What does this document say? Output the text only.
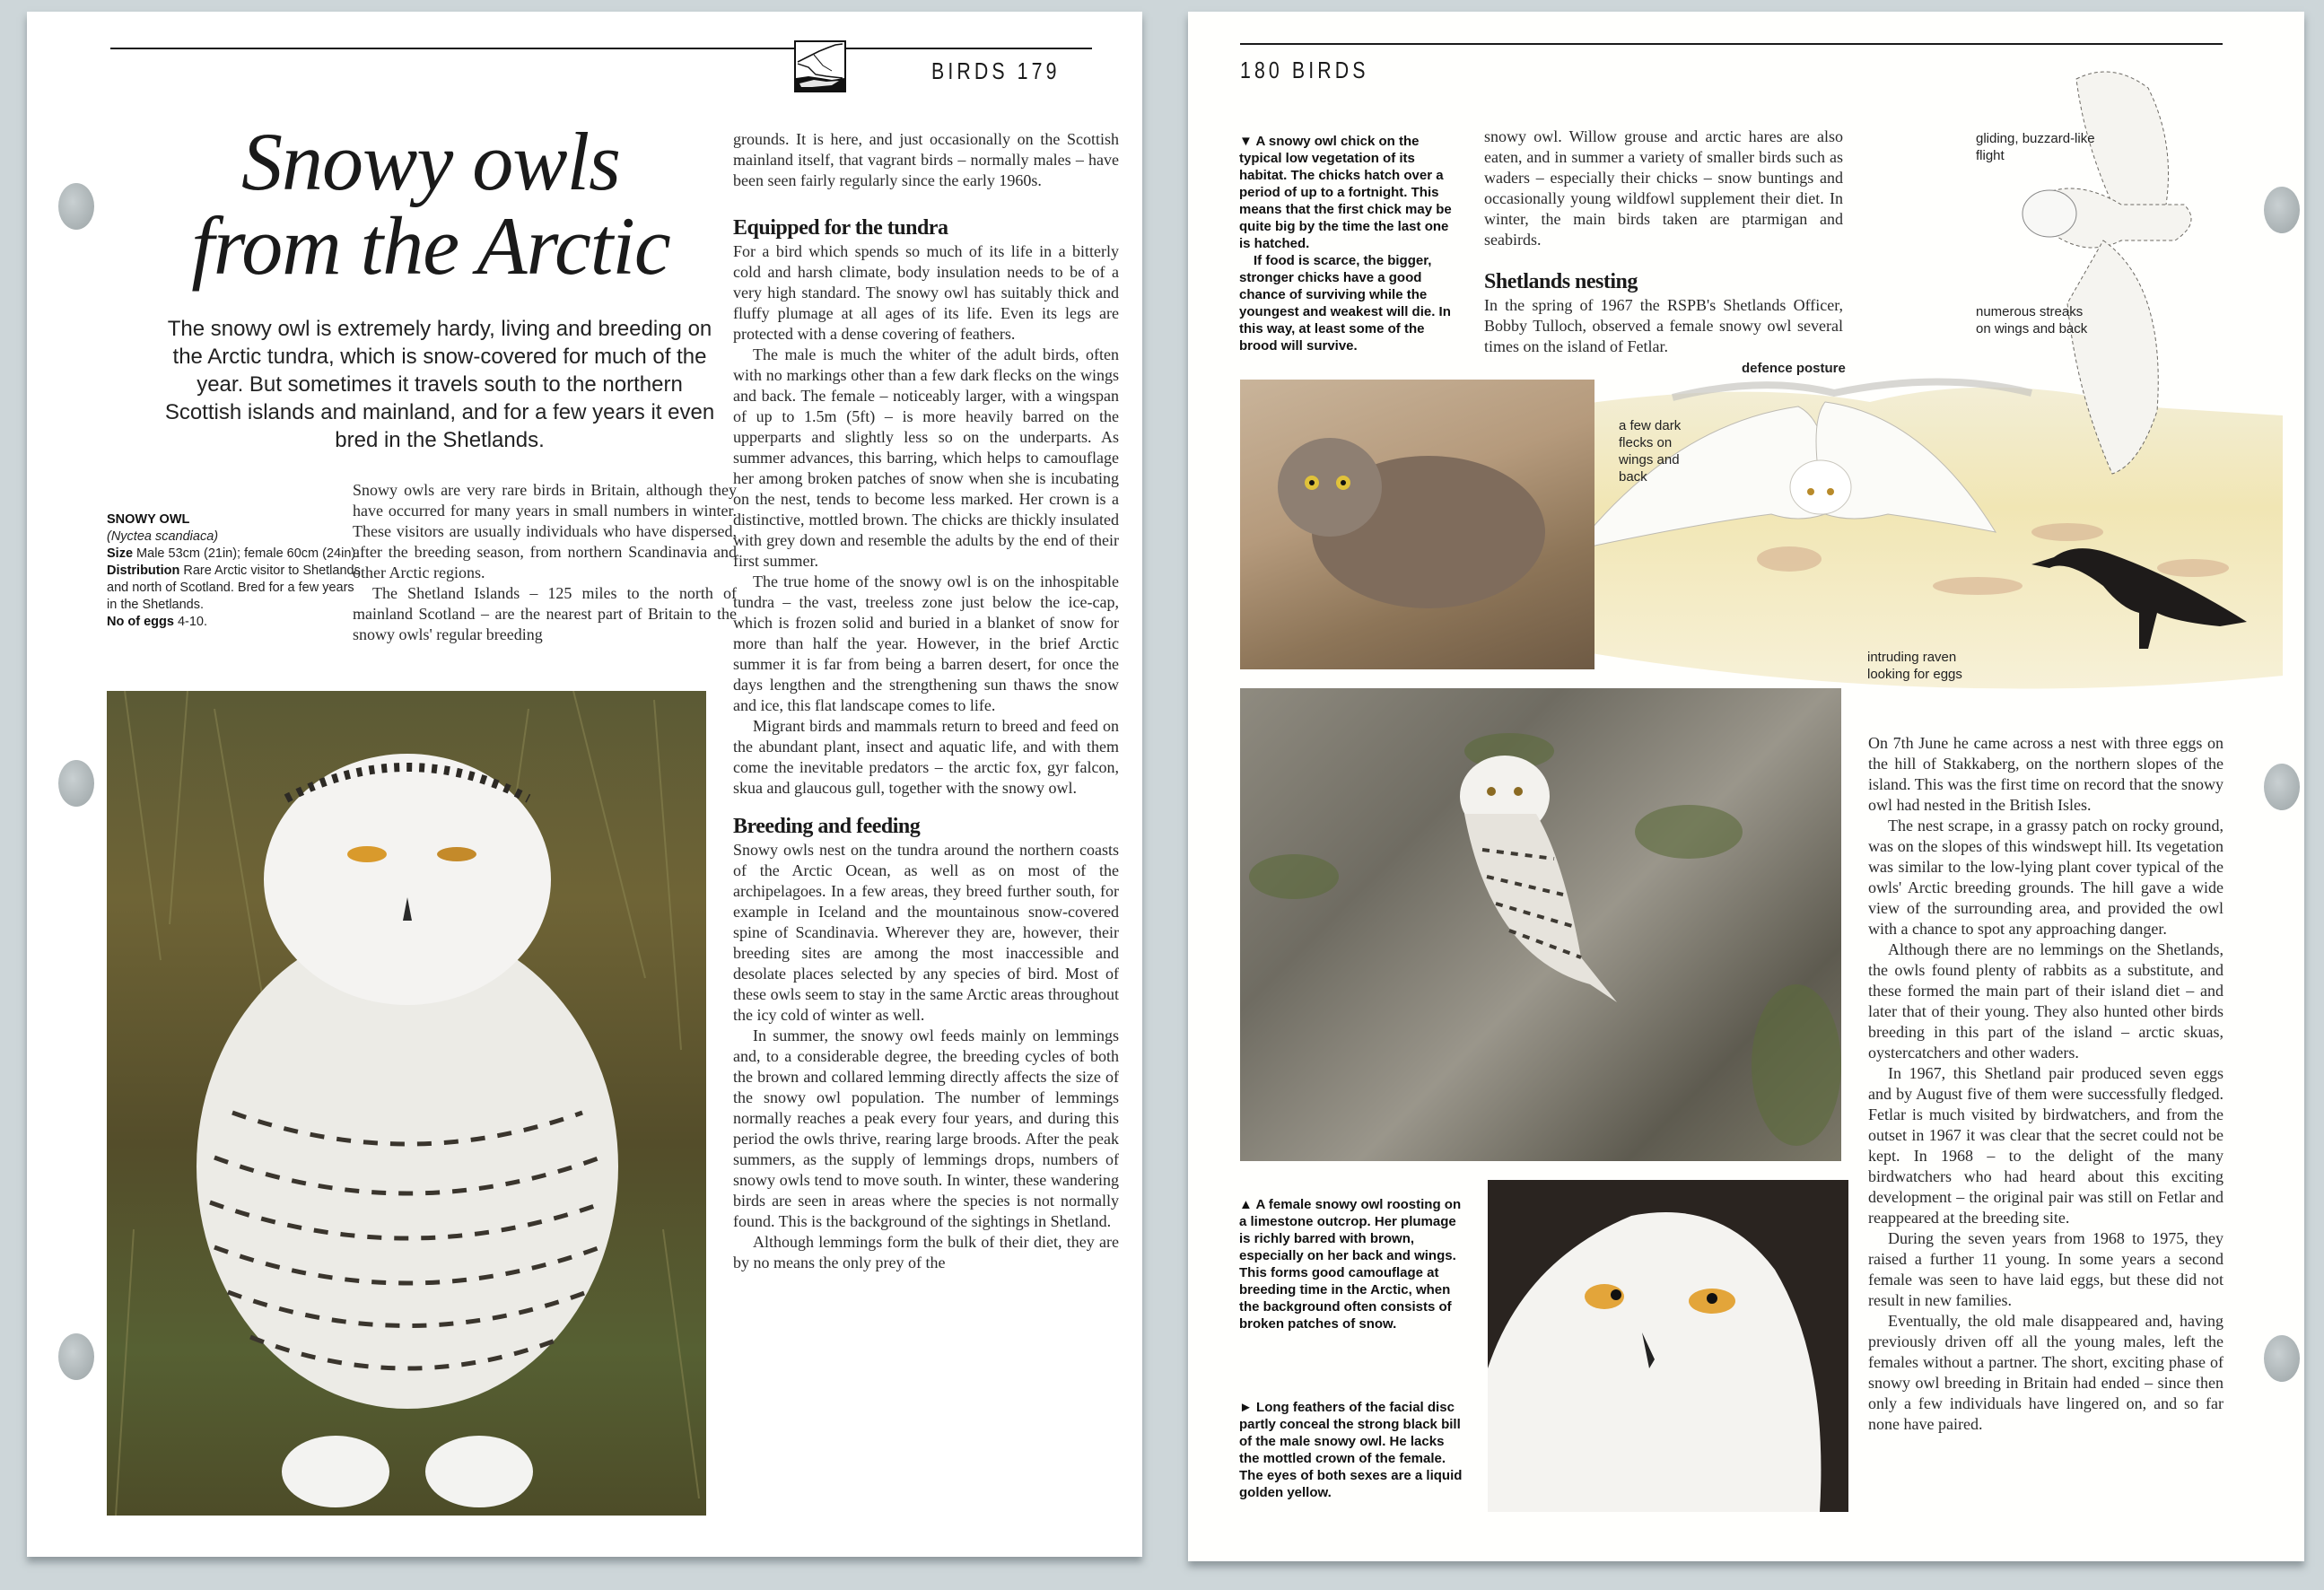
BIRDS 179
Snowy owls
from the Arctic
The snowy owl is extremely hardy, living and breeding on the Arctic tundra, which is snow-covered for much of the year. But sometimes it travels south to the northern Scottish islands and mainland, and for a few years it even bred in the Shetlands.
SNOWY OWL
(Nyctea scandiaca)
Size Male 53cm (21in); female 60cm (24in).
Distribution Rare Arctic visitor to Shetlands and north of Scotland. Bred for a few years in the Shetlands.
No of eggs 4-10.

Snowy owls are very rare birds in Britain, although they have occurred for many years in small numbers in winter. These visitors are usually individuals who have dispersed, after the breeding season, from northern Scandinavia and other Arctic regions.

The Shetland Islands – 125 miles to the north of mainland Scotland – are the nearest part of Britain to the snowy owls' regular breeding

grounds. It is here, and just occasionally on the Scottish mainland itself, that vagrant birds – normally males – have been seen fairly regularly since the early 1960s.

Equipped for the tundra

For a bird which spends so much of its life in a bitterly cold and harsh climate, body insulation needs to be of a very high standard. The snowy owl has suitably thick and fluffy plumage at all ages of its life. Even its legs are protected with a dense covering of feathers.

The male is much the whiter of the adult birds, often with no markings other than a few dark flecks on the wings and back. The female – noticeably larger, with a wingspan of up to 1.5m (5ft) – is more heavily barred on the upperparts and slightly less so on the underparts. As summer advances, this barring, which helps to camouflage her among broken patches of snow when she is incubating on the nest, tends to become less marked. Her crown is a distinctive, mottled brown. The chicks are thickly insulated with grey down and resemble the adults by the end of their first summer.

The true home of the snowy owl is on the inhospitable tundra – the vast, treeless zone just below the ice-cap, which is frozen solid and buried in a blanket of snow for more than half the year. However, in the brief Arctic summer it is far from being a barren desert, for once the days lengthen and the strengthening sun thaws the snow and ice, this flat landscape comes to life.

Migrant birds and mammals return to breed and feed on the abundant plant, insect and aquatic life, and with them come the inevitable predators – the arctic fox, gyr falcon, skua and glaucous gull, together with the snowy owl.

Breeding and feeding

Snowy owls nest on the tundra around the northern coasts of the Arctic Ocean, as well as on most of the archipelagoes. In a few areas, they breed further south, for example in Iceland and the mountainous snow-covered spine of Scandinavia. Wherever they are, however, their breeding sites are among the most inaccessible and desolate places selected by any species of bird. Most of these owls seem to stay in the same Arctic areas throughout the icy cold of winter as well.

In summer, the snowy owl feeds mainly on lemmings and, to a considerable degree, the breeding cycles of both the brown and collared lemming directly affects the size of the snowy owl population. The number of lemmings normally reaches a peak every four years, and during this period the owls thrive, rearing large broods. After the peak summers, as the supply of lemmings drops, numbers of snowy owls tend to move south. In winter, these wandering birds are seen in areas where the species is not normally found. This is the background of the sightings in Shetland.

Although lemmings form the bulk of their diet, they are by no means the only prey of the

180 BIRDS

▼ A snowy owl chick on the typical low vegetation of its habitat. The chicks hatch over a period of up to a fortnight. This means that the first chick may be quite big by the time the last one is hatched.

If food is scarce, the bigger, stronger chicks have a good chance of surviving while the youngest and weakest will die. In this way, at least some of the brood will survive.

snowy owl. Willow grouse and arctic hares are also eaten, and in summer a variety of smaller birds such as waders – especially their chicks – snow buntings and occasionally young wildfowl supplement their diet. In winter, the main birds taken are ptarmigan and seabirds.

Shetlands nesting

In the spring of 1967 the RSPB's Shetlands Officer, Bobby Tulloch, observed a female snowy owl several times on the island of Fetlar.

gliding, buzzard-like flight
numerous streaks on wings and back
defence posture
a few dark flecks on wings and back
intruding raven looking for eggs

▲ A female snowy owl roosting on a limestone outcrop. Her plumage is richly barred with brown, especially on her back and wings. This forms good camouflage at breeding time in the Arctic, when the background often consists of broken patches of snow.

► Long feathers of the facial disc partly conceal the strong black bill of the male snowy owl. He lacks the mottled crown of the female. The eyes of both sexes are a liquid golden yellow.

On 7th June he came across a nest with three eggs on the hill of Stakkaberg, on the northern slopes of the island. This was the first time on record that the snowy owl had nested in the British Isles.

The nest scrape, in a grassy patch on rocky ground, was on the slopes of this windswept hill. Its vegetation was similar to the low-lying plant cover typical of the owls' Arctic breeding grounds. The hill gave a wide view of the surrounding area, and provided the owl with a chance to spot any approaching danger.

Although there are no lemmings on the Shetlands, the owls found plenty of rabbits as a substitute, and these formed the main part of their island diet – and later that of their young. They also hunted other birds breeding in this part of the island – arctic skuas, oystercatchers and other waders.

In 1967, this Shetland pair produced seven eggs and by August five of them were successfully fledged. Fetlar is much visited by birdwatchers, and from the outset in 1967 it was clear that the secret could not be kept. In 1968 – to the delight of the many birdwatchers who had heard about this exciting development – the original pair was still on Fetlar and reappeared at the breeding site.

During the seven years from 1968 to 1975, they raised a further 11 young. In some years a second female was seen to have laid eggs, but these did not result in new families.

Eventually, the old male disappeared and, having previously driven off all the young males, left the females without a partner. The short, exciting phase of snowy owl breeding in Britain had ended – since then only a few individuals have lingered on, and so far none have paired.
